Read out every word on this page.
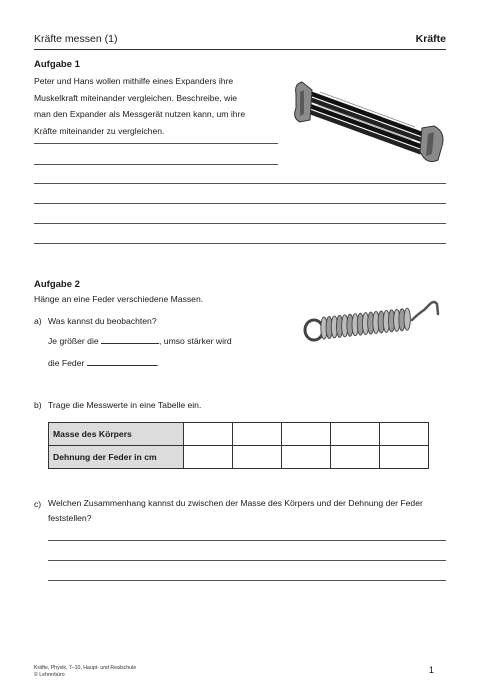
Kräfte messen (1)	Kräfte
Aufgabe 1
Peter und Hans wollen mithilfe eines Expanders ihre
Muskelkraft miteinander vergleichen. Beschreibe, wie
man den Expander als Messgerät nutzen kann, um ihre
Kräfte miteinander zu vergleichen.
Aufgabe 2
Hänge an eine Feder verschiedene Massen.
a) Was kannst du beobachten?
Je größer die	, umso stärker wird
die Feder	.
b) Trage die Messwerte in eine Tabelle ein.
Masse des Körpers					
Dehnung der Feder in cm					
c) Welchen Zusammenhang kannst du zwischen der Masse des Körpers und der Dehnung der Feder
feststellen?
Kräfte, Physik, 7–10, Haupt- und Realschule
© Lehrerbüro	1
